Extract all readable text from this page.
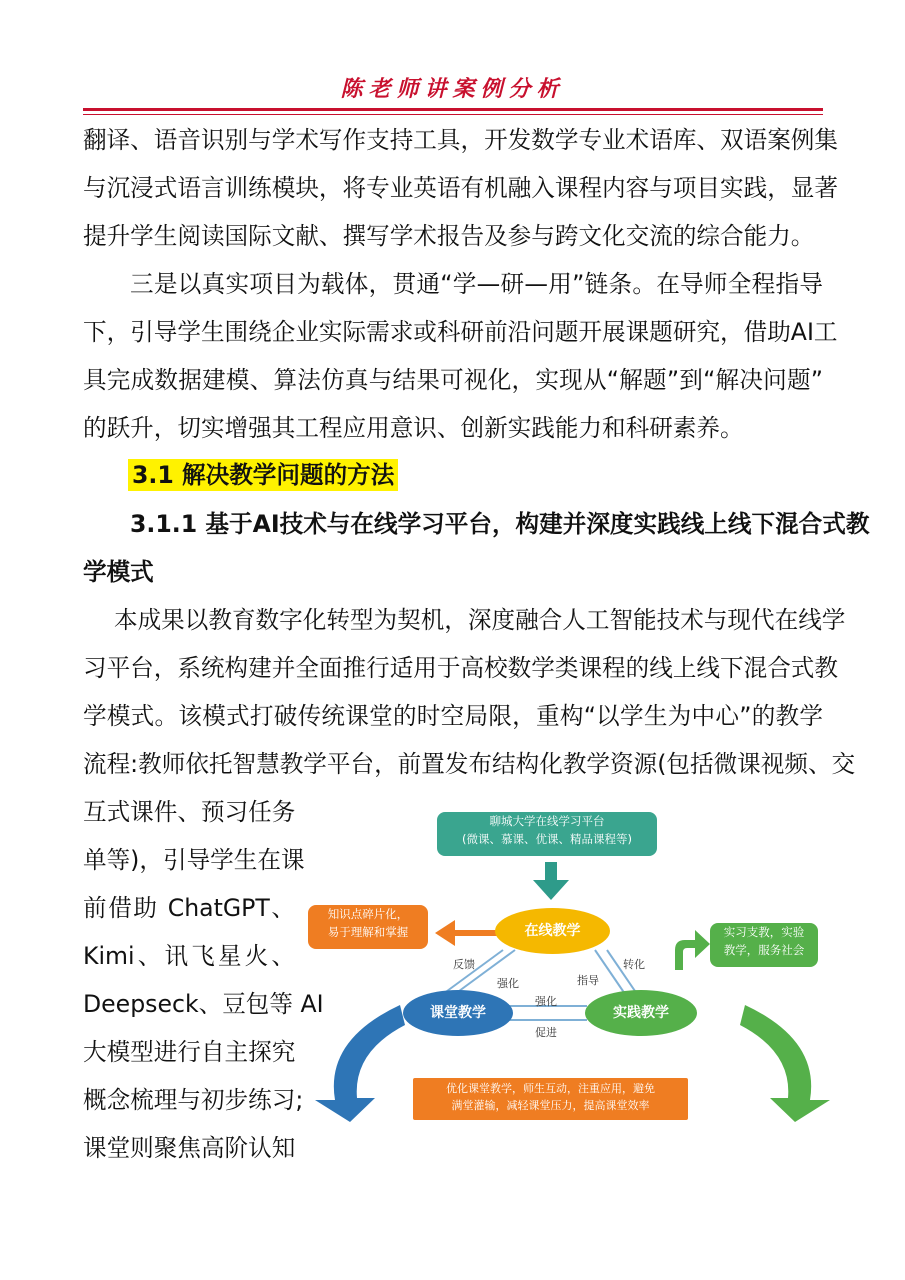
陈老师讲案例分析
翻译、语音识别与学术写作支持工具，开发数学专业术语库、双语案例集
与沉浸式语言训练模块，将专业英语有机融入课程内容与项目实践，显著
提升学生阅读国际文献、撰写学术报告及参与跨文化交流的综合能力。
三是以真实项目为载体，贯通“学—研—用”链条。在导师全程指导
下，引导学生围绕企业实际需求或科研前沿问题开展课题研究，借助AI工
具完成数据建模、算法仿真与结果可视化，实现从“解题”到“解决问题”
的跃升，切实增强其工程应用意识、创新实践能力和科研素养。
3.1 解决教学问题的方法
3.1.1 基于AI技术与在线学习平台，构建并深度实践线上线下混合式教
学模式
本成果以教育数字化转型为契机，深度融合人工智能技术与现代在线学
习平台，系统构建并全面推行适用于高校数学类课程的线上线下混合式教
学模式。该模式打破传统课堂的时空局限，重构“以学生为中心”的教学
流程:教师依托智慧教学平台，前置发布结构化教学资源(包括微课视频、交
互式课件、预习任务
单等)，引导学生在课
前借助 ChatGPT、
Kimi、讯飞星火、
Deepseck、豆包等 AI
大模型进行自主探究
概念梳理与初步练习;
课堂则聚焦高阶认知
聊城大学在线学习平台
(微课、慕课、优课、精品课程等)
知识点碎片化，
易于理解和掌握	在线教学	实习支教，实验
教学，服务社会
反馈
强化	指导
转化
课堂教学	实践教学
强化
促进
优化课堂教学，师生互动，注重应用，避免
满堂灌输，减轻课堂压力，提高课堂效率
